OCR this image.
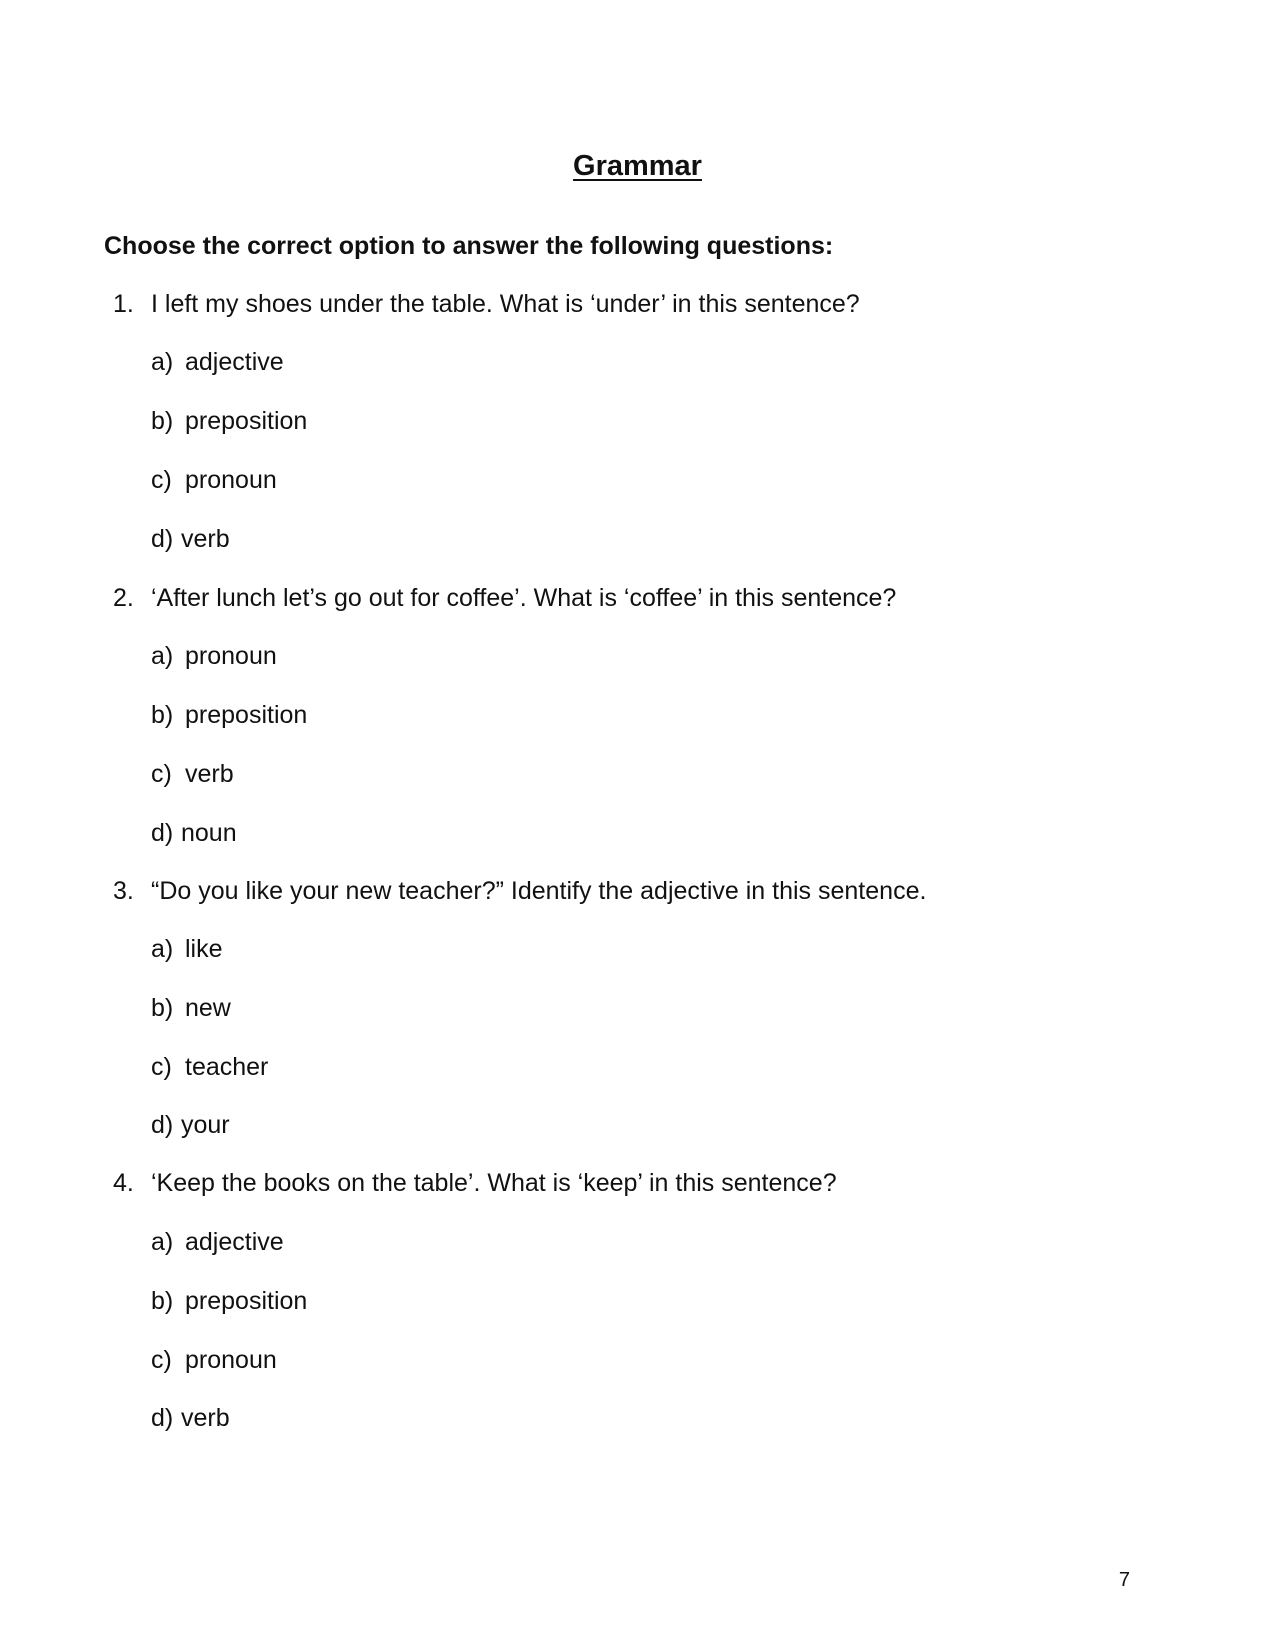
Grammar
Choose the correct option to answer the following questions:
1. I left my shoes under the table. What is ‘under’ in this sentence?
a) adjective
b) preposition
c) pronoun
d) verb
2. ‘After lunch let’s go out for coffee’. What is ‘coffee’ in this sentence?
a) pronoun
b) preposition
c) verb
d) noun
3. “Do you like your new teacher?” Identify the adjective in this sentence.
a) like
b) new
c) teacher
d) your
4. ‘Keep the books on the table’. What is ‘keep’ in this sentence?
a) adjective
b) preposition
c) pronoun
d) verb
7
